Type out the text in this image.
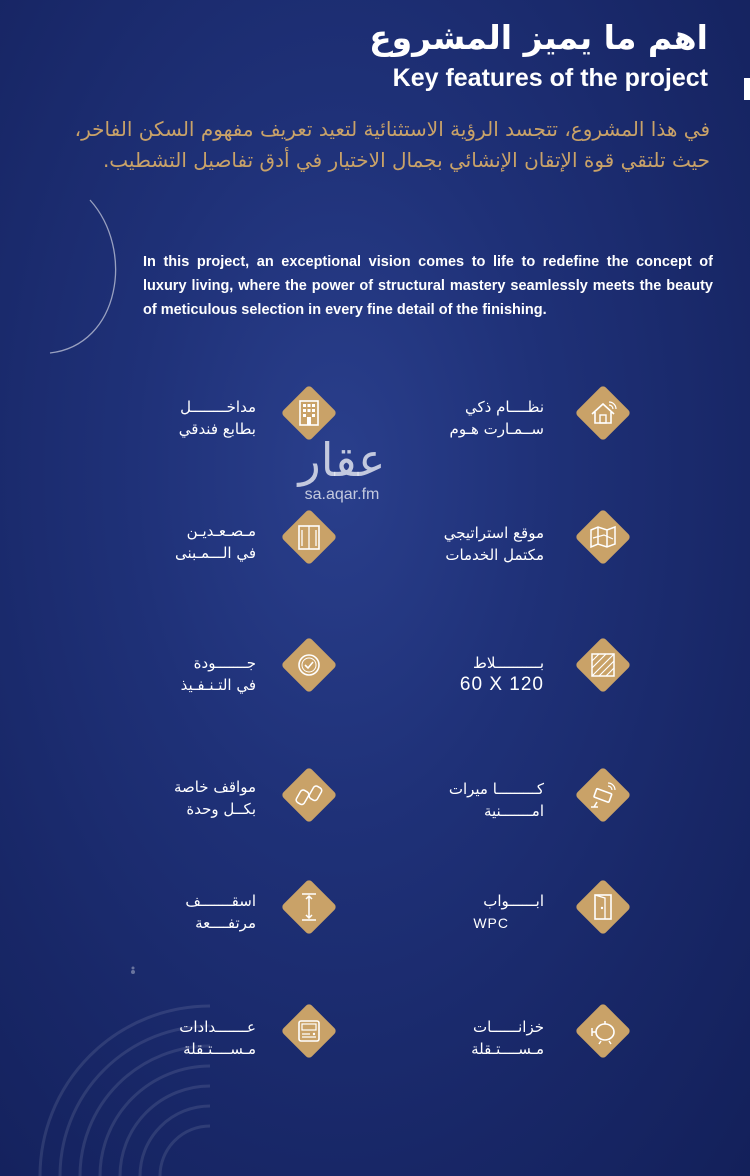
اهم ما يميز المشروع
Key features of the project

في هذا المشروع، تتجسد الرؤية الاستثنائية لتعيد تعريف مفهوم السكن الفاخر، حيث تلتقي قوة الإتقان الإنشائي بجمال الاختيار في أدق تفاصيل التشطيب.

In this project, an exceptional vision comes to life to redefine the concept of luxury living, where the power of structural mastery seamlessly meets the beauty of meticulous selection in every fine detail of the finishing.

نظــــام ذكي
ســمـارت هـوم
مداخــــــــل
بطابع فندقي
موقع استراتيجي
مكتمل الخدمات
مـصـعـديـن
في الـــمـبنى
بــــــــــلاط
60 X 120
جـــــــودة
في التـنـفـيذ
كـــــــــا ميرات
امـــــــنية
مواقف خاصة
بكــل وحدة
ابــــــواب
WPC
اسقـــــــف
مرتفــــعة
خزانــــــات
مـســــتـقلة
عـــــــدادات
مـســــتـقلة
عقار
sa.aqar.fm
